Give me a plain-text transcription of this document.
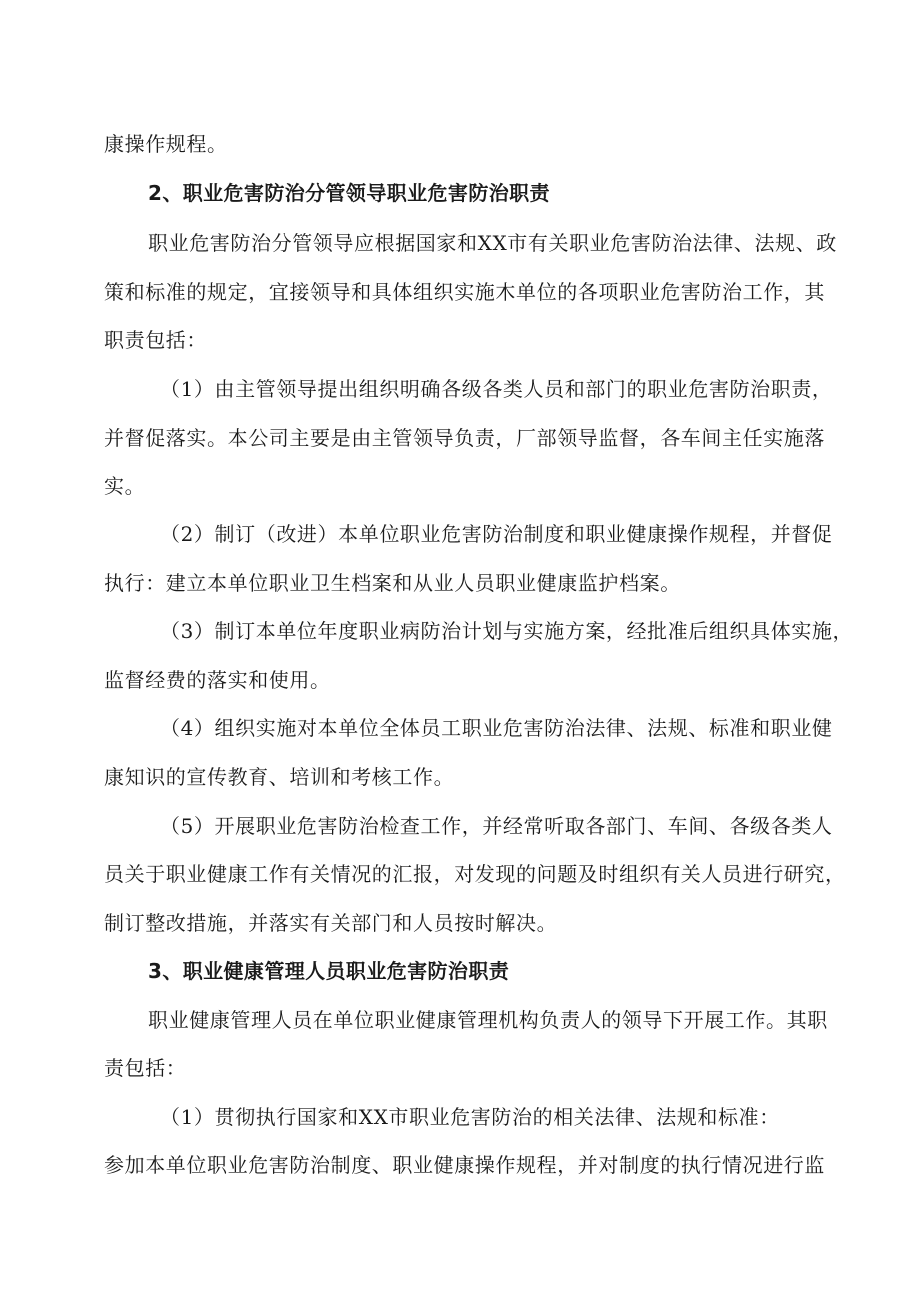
康操作规程。
2、职业危害防治分管领导职业危害防治职责
职业危害防治分管领导应根据国家和XX市有关职业危害防治法律、法规、政
策和标准的规定，宜接领导和具体组织实施木单位的各项职业危害防治工作，其
职责包括：
（1）由主管领导提出组织明确各级各类人员和部门的职业危害防治职责，
并督促落实。本公司主要是由主管领导负责，厂部领导监督，各车间主任实施落
实。
（2）制订（改进）本单位职业危害防治制度和职业健康操作规程，并督促
执行：建立本单位职业卫生档案和从业人员职业健康监护档案。
（3）制订本单位年度职业病防治计划与实施方案，经批准后组织具体实施，
监督经费的落实和使用。
（4）组织实施对本单位全体员工职业危害防治法律、法规、标准和职业健
康知识的宣传教育、培训和考核工作。
（5）开展职业危害防治检查工作，并经常听取各部门、车间、各级各类人
员关于职业健康工作有关情况的汇报，对发现的问题及时组织有关人员进行研究，
制订整改措施，并落实有关部门和人员按时解决。
3、职业健康管理人员职业危害防治职责
职业健康管理人员在单位职业健康管理机构负责人的领导下开展工作。其职
责包括：
（1）贯彻执行国家和XX市职业危害防治的相关法律、法规和标准：
参加本单位职业危害防治制度、职业健康操作规程，并对制度的执行情况进行监
